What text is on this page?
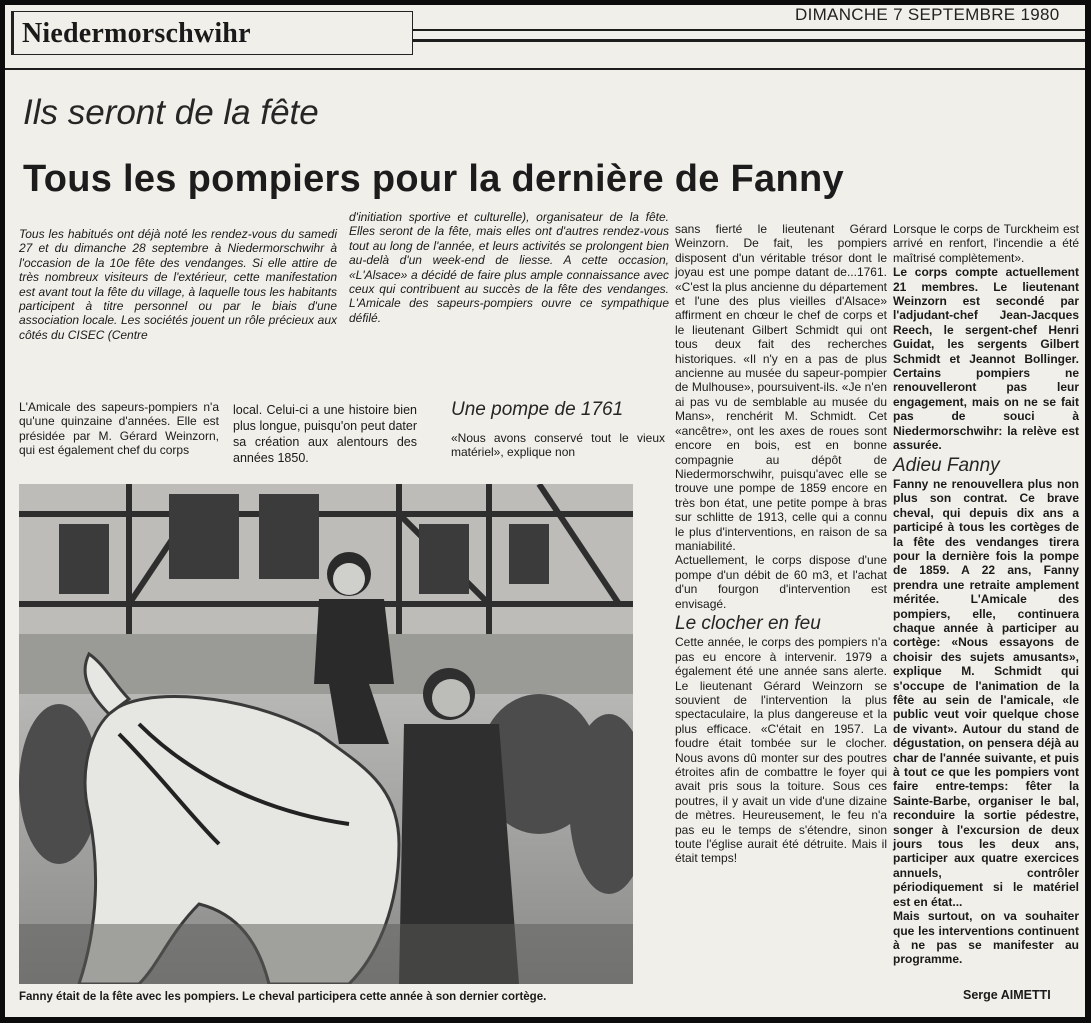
Niedermorschwihr
DIMANCHE 7 SEPTEMBRE 1980
Ils seront de la fête
Tous les pompiers pour la dernière de Fanny

Tous les habitués ont déjà noté les rendez-vous du samedi 27 et du dimanche 28 septembre à Niedermorschwihr à l'occasion de la 10e fête des vendanges. Si elle attire de très nombreux visiteurs de l'extérieur, cette manifestation est avant tout la fête du village, à laquelle tous les habitants participent à titre personnel ou par le biais d'une association locale. Les sociétés jouent un rôle précieux aux côtés du CISEC (Centre

d'initiation sportive et culturelle), organisateur de la fête. Elles seront de la fête, mais elles ont d'autres rendez-vous tout au long de l'année, et leurs activités se prolongent bien au-delà d'un week-end de liesse. A cette occasion, «L'Alsace» a décidé de faire plus ample connaissance avec ceux qui contribuent au succès de la fête des vendanges. L'Amicale des sapeurs-pompiers ouvre ce sympathique défilé.

L'Amicale des sapeurs-pompiers n'a qu'une quinzaine d'années. Elle est présidée par M. Gérard Weinzorn, qui est également chef du corps

local. Celui-ci a une histoire bien plus longue, puisqu'on peut dater sa création aux alentours des années 1850.

Une pompe de 1761

«Nous avons conservé tout le vieux matériel», explique non

sans fierté le lieutenant Gérard Weinzorn. De fait, les pompiers disposent d'un véritable trésor dont le joyau est une pompe datant de...1761. «C'est la plus ancienne du département et l'une des plus vieilles d'Alsace» affirment en chœur le chef de corps et le lieutenant Gilbert Schmidt qui ont tous deux fait des recherches historiques. «Il n'y en a pas de plus ancienne au musée du sapeur-pompier de Mulhouse», poursuivent-ils. «Je n'en ai pas vu de semblable au musée du Mans», renchérit M. Schmidt. Cet «ancêtre», ont les axes de roues sont encore en bois, est en bonne compagnie au dépôt de Niedermorschwihr, puisqu'avec elle se trouve une pompe de 1859 encore en très bon état, une petite pompe à bras sur schlitte de 1913, celle qui a connu le plus d'interventions, en raison de sa maniabilité.

Actuellement, le corps dispose d'une pompe d'un débit de 60 m3, et l'achat d'un fourgon d'intervention est envisagé.

Le clocher en feu

Cette année, le corps des pompiers n'a pas eu encore à intervenir. 1979 a également été une année sans alerte. Le lieutenant Gérard Weinzorn se souvient de l'intervention la plus spectaculaire, la plus dangereuse et la plus efficace. «C'était en 1957. La foudre était tombée sur le clocher. Nous avons dû monter sur des poutres étroites afin de combattre le foyer qui avait pris sous la toiture. Sous ces poutres, il y avait un vide d'une dizaine de mètres. Heureusement, le feu n'a pas eu le temps de s'étendre, sinon toute l'église aurait été détruite. Mais il était temps!

Lorsque le corps de Turckheim est arrivé en renfort, l'incendie a été maîtrisé complètement».

Le corps compte actuellement 21 membres. Le lieutenant Weinzorn est secondé par l'adjudant-chef Jean-Jacques Reech, le sergent-chef Henri Guidat, les sergents Gilbert Schmidt et Jeannot Bollinger. Certains pompiers ne renouvelleront pas leur engagement, mais on ne se fait pas de souci à Niedermorschwihr: la relève est assurée.

Adieu Fanny

Fanny ne renouvellera plus non plus son contrat. Ce brave cheval, qui depuis dix ans a participé à tous les cortèges de la fête des vendanges tirera pour la dernière fois la pompe de 1859. A 22 ans, Fanny prendra une retraite amplement méritée. L'Amicale des pompiers, elle, continuera chaque année à participer au cortège: «Nous essayons de choisir des sujets amusants», explique M. Schmidt qui s'occupe de l'animation de la fête au sein de l'amicale, «le public veut voir quelque chose de vivant». Autour du stand de dégustation, on pensera déjà au char de l'année suivante, et puis à tout ce que les pompiers vont faire entre-temps: fêter la Sainte-Barbe, organiser le bal, reconduire la sortie pédestre, songer à l'excursion de deux jours tous les deux ans, participer aux quatre exercices annuels, contrôler périodiquement si le matériel est en état...

Mais surtout, on va souhaiter que les interventions continuent à ne pas se manifester au programme.

Serge AIMETTI
Fanny était de la fête avec les pompiers. Le cheval participera cette année à son dernier cortège.
